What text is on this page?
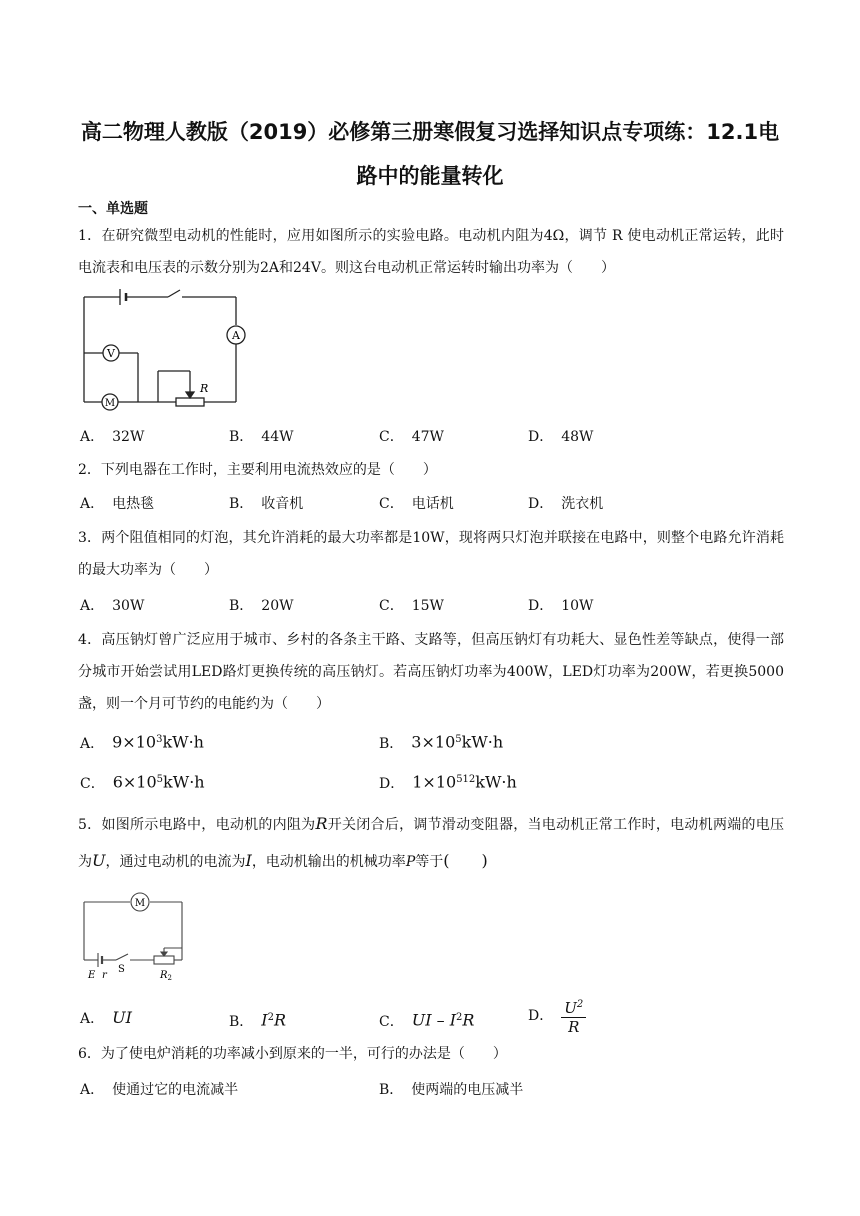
高二物理人教版（2019）必修第三册寒假复习选择知识点专项练：12.1电
路中的能量转化
一、单选题
1．在研究微型电动机的性能时，应用如图所示的实验电路。电动机内阻为4Ω，调节 R 使电动机正常运转，此时电流表和电压表的示数分别为2A和24V。则这台电动机正常运转时输出功率为（　　）
A
V
M
R
A． 32W	B． 44W	C． 47W	D． 48W
2．下列电器在工作时，主要利用电流热效应的是（　　）
A． 电热毯	B． 收音机	C． 电话机	D． 洗衣机
3．两个阻值相同的灯泡，其允许消耗的最大功率都是10W，现将两只灯泡并联接在电路中，则整个电路允许消耗的最大功率为（　　）
A． 30W	B． 20W	C． 15W	D． 10W
4．高压钠灯曾广泛应用于城市、乡村的各条主干路、支路等，但高压钠灯有功耗大、显色性差等缺点，使得一部分城市开始尝试用LED路灯更换传统的高压钠灯。若高压钠灯功率为400W，LED灯功率为200W，若更换5000盏，则一个月可节约的电能约为（　　）
A． $9\times 10^3kW\cdot h$	B． $3\times 10^5kW\cdot h$
C． $6\times 10^5kW\cdot h$	D． $1\times 10^{512}kW\cdot h$
5．如图所示电路中，电动机的内阻为R开关闭合后，调节滑动变阻器，当电动机正常工作时，电动机两端的电压为U，通过电动机的电流为I，电动机输出的机械功率P等于(　　)
M
E r
S
$R_2$
A． UI	B． $I^2R$	C． UI – $I^2R$	D． $\frac{U^2}{R}$
6．为了使电炉消耗的功率减小到原来的一半，可行的办法是（　　）
A． 使通过它的电流减半	B． 使两端的电压减半
